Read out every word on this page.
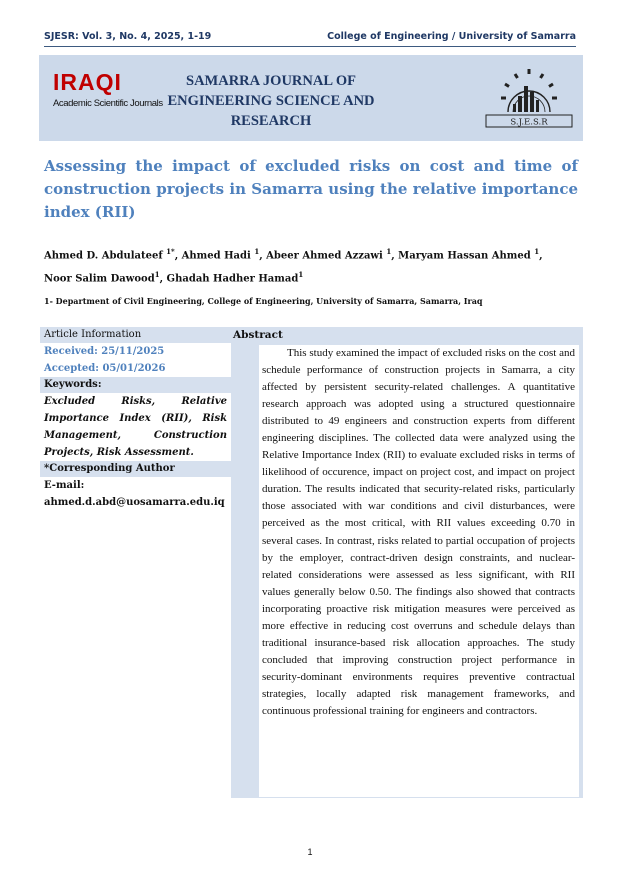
SJESR: Vol. 3, No. 4, 2025, 1-19	College of Engineering / University of Samarra
IRAQI
Academic Scientific Journals
SAMARRA JOURNAL OF ENGINEERING SCIENCE AND RESEARCH	S.J.E.S.R
Assessing the impact of excluded risks on cost and time of construction projects in Samarra using the relative importance index (RII)
Ahmed D. Abdulateef $^{1*}$, Ahmed Hadi $^1$, Abeer Ahmed Azzawi $^1$, Maryam Hassan Ahmed $^1$,
Noor Salim Dawood$^1$, Ghadah Hadher Hamad$^1$
1- Department of Civil Engineering, College of Engineering, University of Samarra, Samarra, Iraq
Article Information
Received: 25/11/2025
Accepted: 05/01/2026
Keywords:
Excluded Risks, Relative Importance Index (RII), Risk Management, Construction Projects, Risk Assessment.
*Corresponding Author
E-mail:
ahmed.d.abd@uosamarra.edu.iq
Abstract
This study examined the impact of excluded risks on the cost and schedule performance of construction projects in Samarra, a city affected by persistent security-related challenges. A quantitative research approach was adopted using a structured questionnaire distributed to 49 engineers and construction experts from different engineering disciplines. The collected data were analyzed using the Relative Importance Index (RII) to evaluate excluded risks in terms of likelihood of occurence, impact on project cost, and impact on project duration. The results indicated that security-related risks, particularly those associated with war conditions and civil disturbances, were perceived as the most critical, with RII values exceeding 0.70 in several cases. In contrast, risks related to partial occupation of projects by the employer, contract-driven design constraints, and nuclear-related considerations were assessed as less significant, with RII values generally below 0.50. The findings also showed that contracts incorporating proactive risk mitigation measures were perceived as more effective in reducing cost overruns and schedule delays than traditional insurance-based risk allocation approaches. The study concluded that improving construction project performance in security-dominant environments requires preventive contractual strategies, locally adapted risk management frameworks, and continuous professional training for engineers and contractors.
1
